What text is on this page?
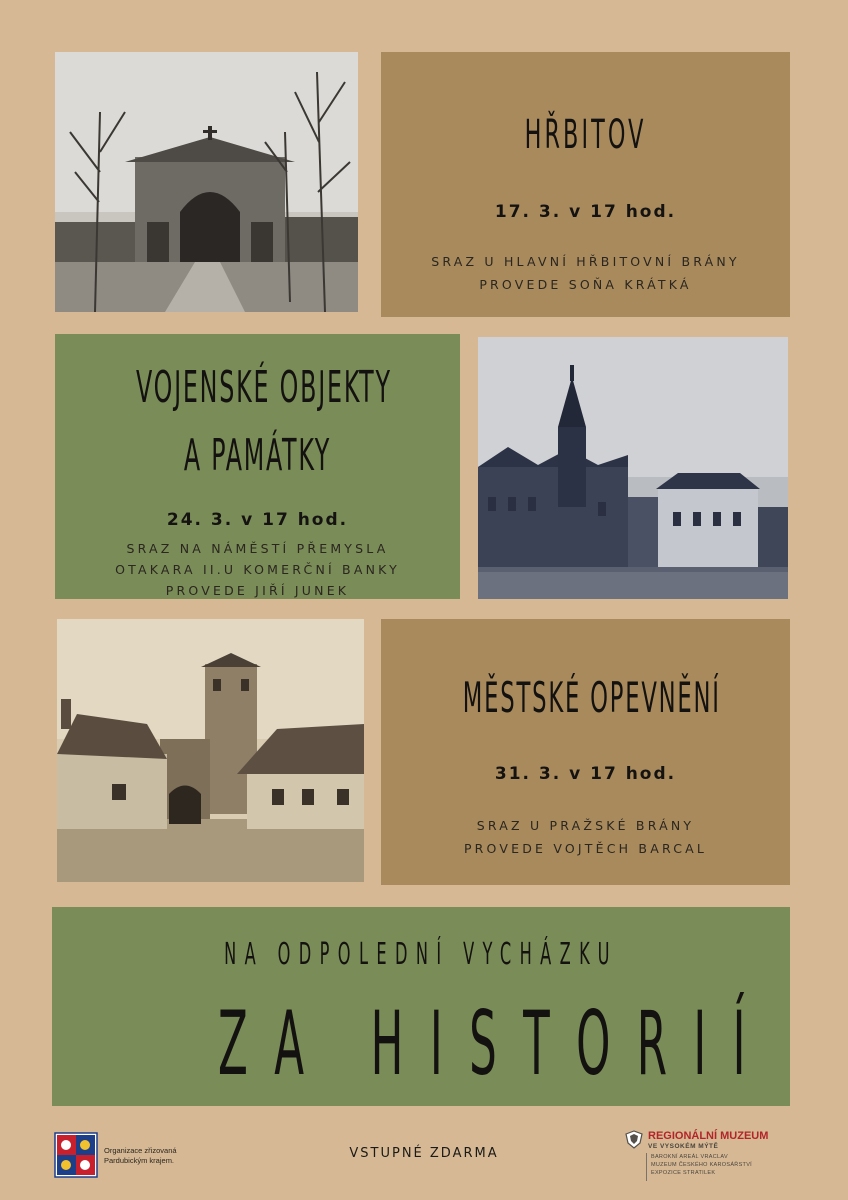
HŘBITOV
17. 3. v 17 hod.
SRAZ U HLAVNÍ HŘBITOVNÍ BRÁNY
PROVEDE SOŇA KRÁTKÁ
VOJENSKÉ OBJEKTY
A PAMÁTKY
24. 3. v 17 hod.
SRAZ NA NÁMĚSTÍ PŘEMYSLA
OTAKARA II.U KOMERČNÍ BANKY
PROVEDE JIŘÍ JUNEK
MĚSTSKÉ OPEVNĚNÍ
31. 3. v 17 hod.
SRAZ U PRAŽSKÉ BRÁNY
PROVEDE VOJTĚCH BARCAL
NA ODPOLEDNÍ VYCHÁZKU
ZA HISTORIÍ
Organizace zřizovaná
Pardubickým krajem.	VSTUPNÉ ZDARMA
REGIONÁLNÍ MUZEUM
VE VYSOKÉM MÝTĚ
BAROKNÍ AREÁL VRACLAV
MUZEUM ČESKÉHO KAROSÁŘSTVÍ
EXPOZICE STRATILEK
